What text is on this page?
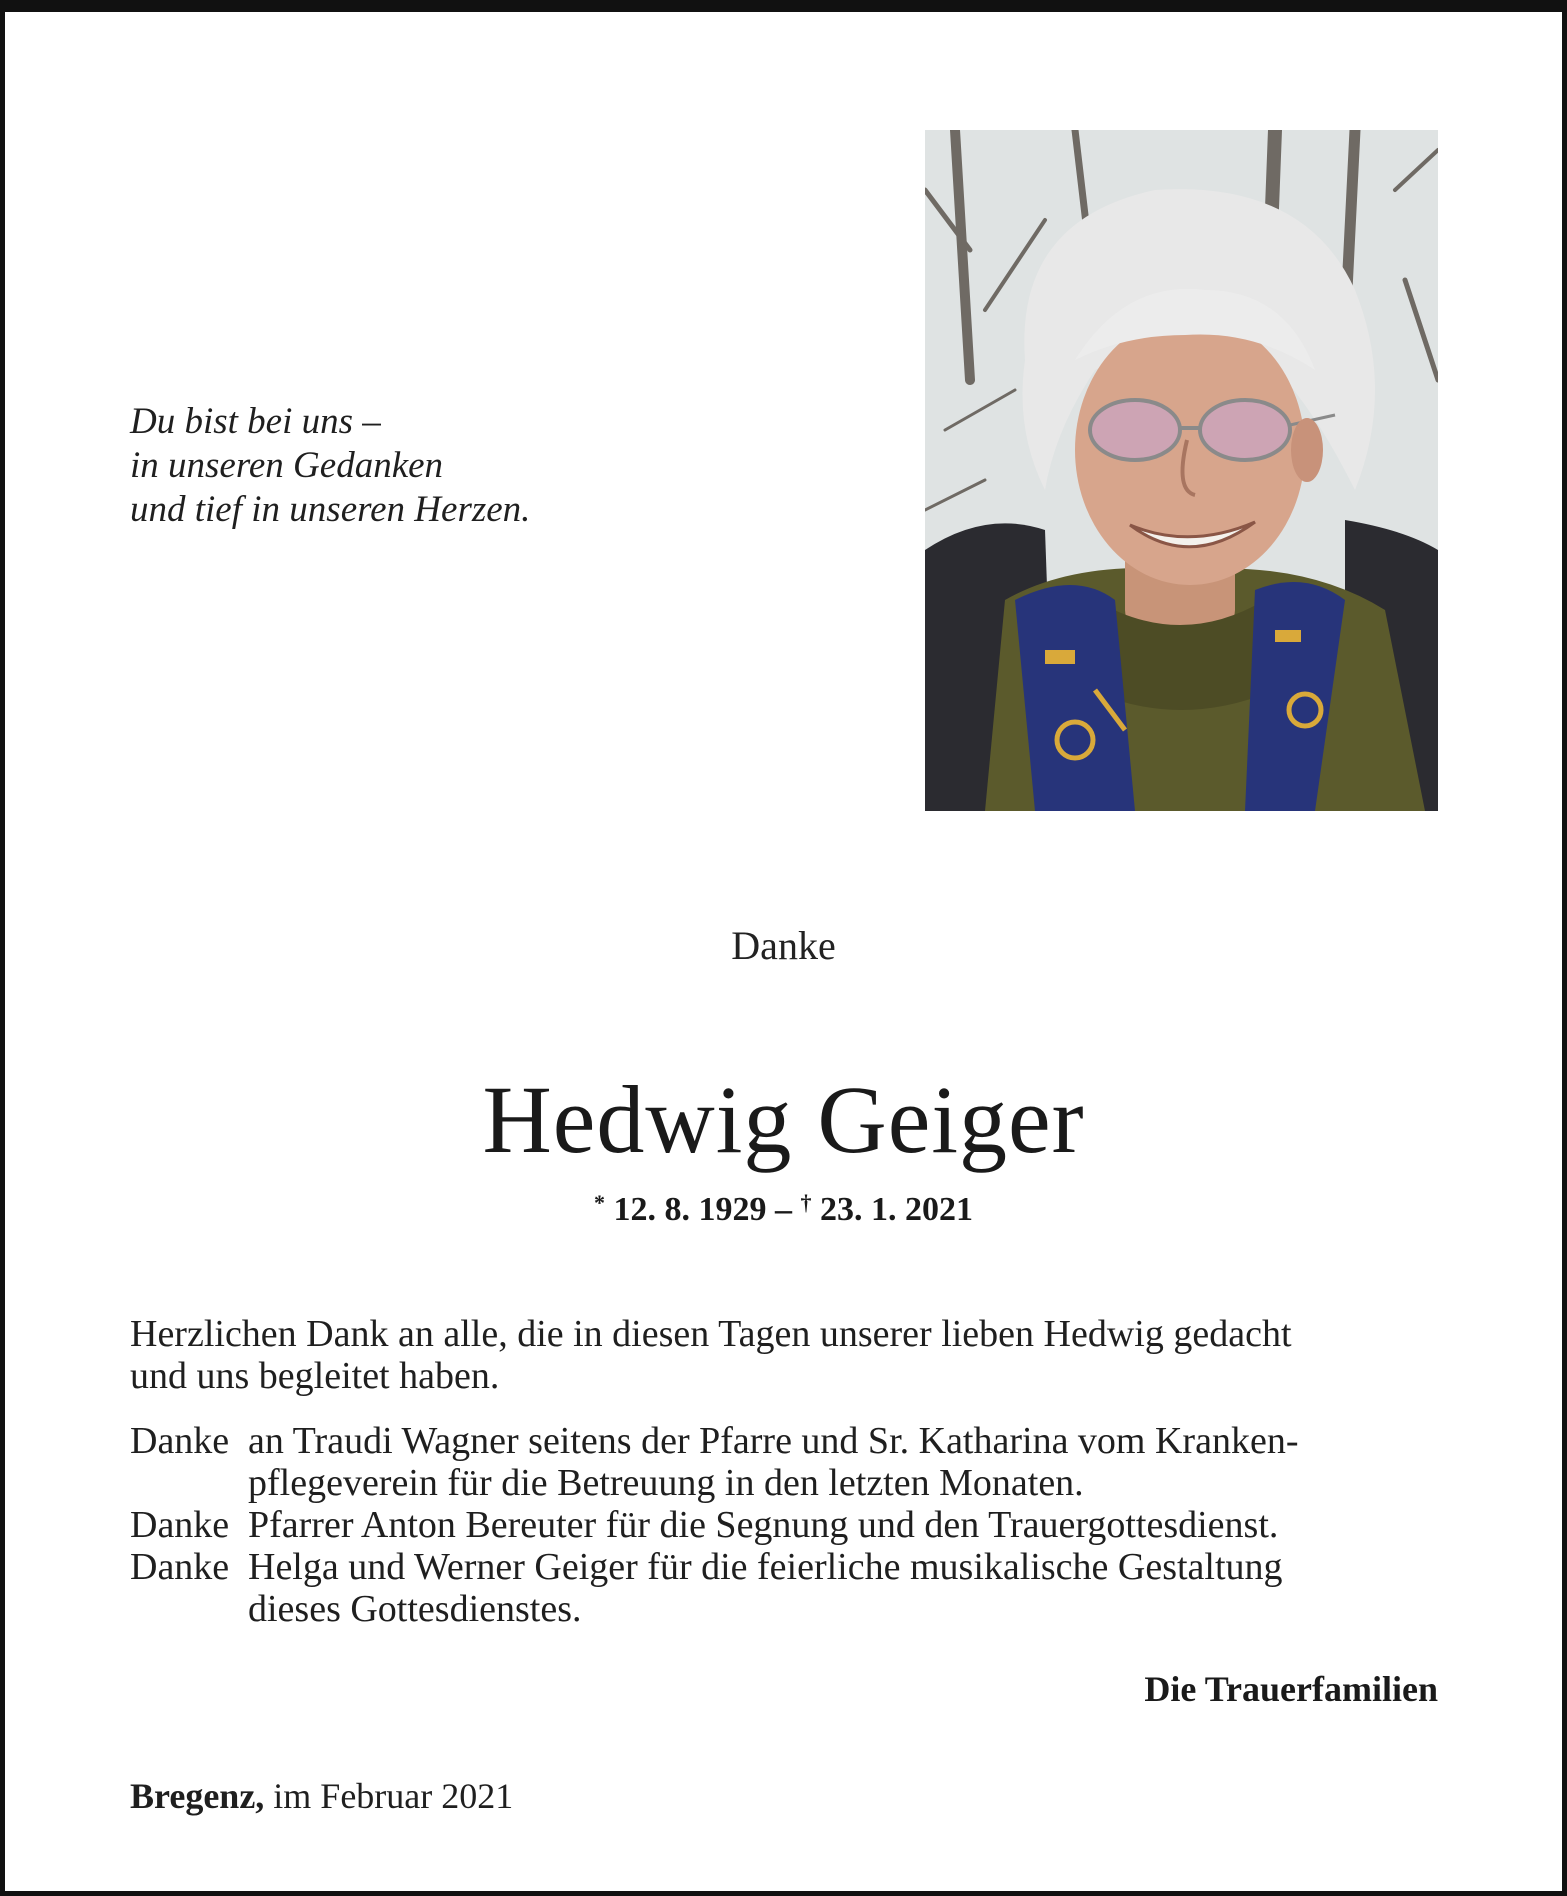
Du bist bei uns –
in unseren Gedanken
und tief in unseren Herzen.
Danke
Hedwig Geiger
* 12. 8. 1929 – † 23. 1. 2021
Herzlichen Dank an alle, die in diesen Tagen unserer lieben Hedwig gedacht
und uns begleitet haben.
Danke an Traudi Wagner seitens der Pfarre und Sr. Katharina vom Kranken-
pflegeverein für die Betreuung in den letzten Monaten.
Danke Pfarrer Anton Bereuter für die Segnung und den Trauergottesdienst.
Danke Helga und Werner Geiger für die feierliche musikalische Gestaltung
dieses Gottesdienstes.
Die Trauerfamilien
Bregenz, im Februar 2021
